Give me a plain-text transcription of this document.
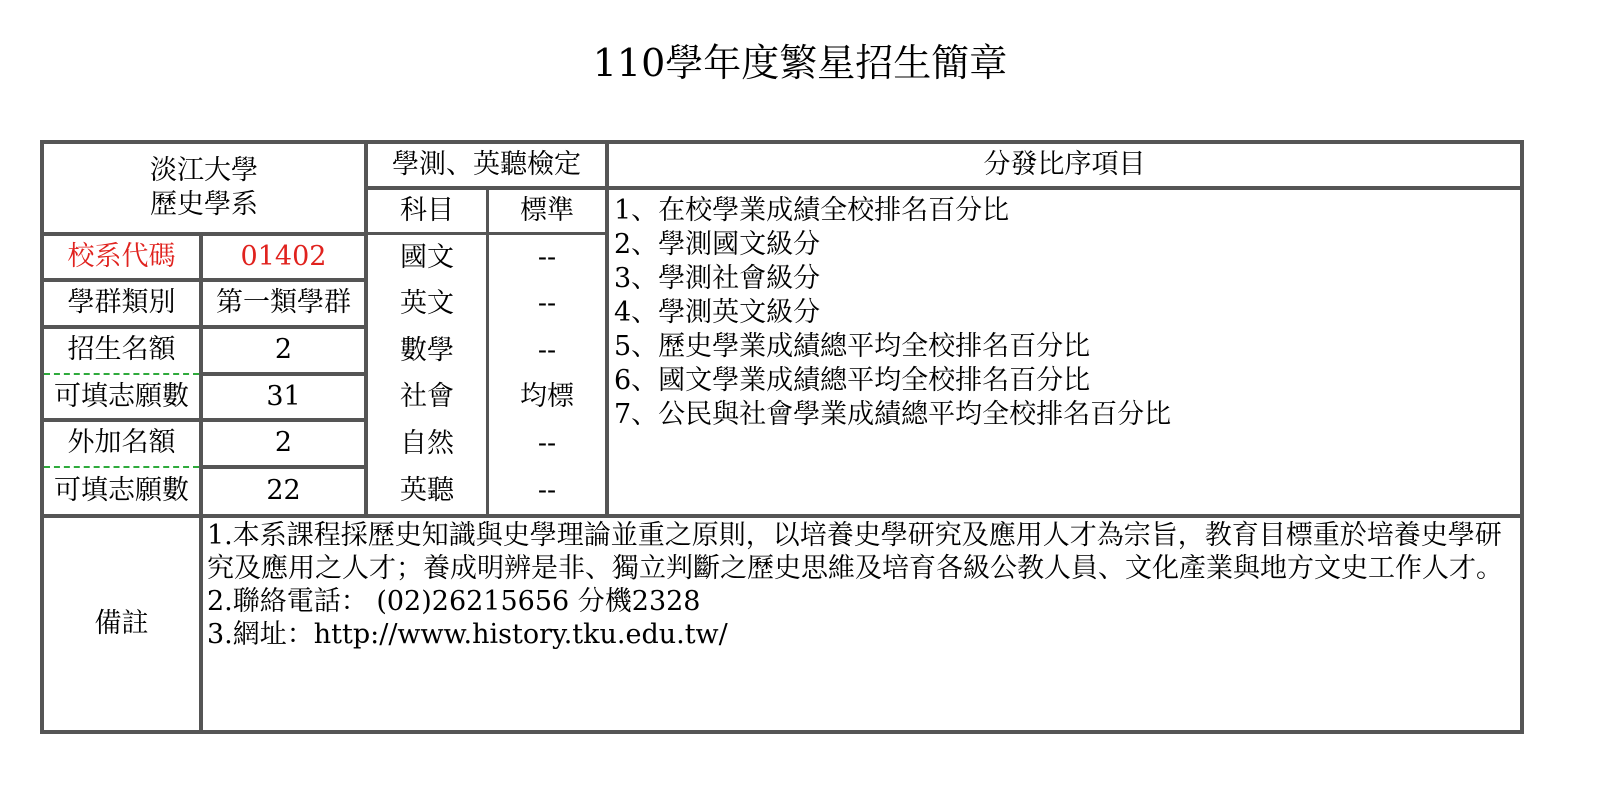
110學年度繁星招生簡章
淡江大學
歷史學系
校系代碼	01402
學群類別	第一類學群
招生名額	2
可填志願數	31
外加名額	2
可填志願數	22
學測、英聽檢定
科目	標準
國文	--
英文	--
數學	--
社會	均標
自然	--
英聽	--
分發比序項目
1、在校學業成績全校排名百分比
2、學測國文級分
3、學測社會級分
4、學測英文級分
5、歷史學業成績總平均全校排名百分比
6、國文學業成績總平均全校排名百分比
7、公民與社會學業成績總平均全校排名百分比
備註
1.本系課程採歷史知識與史學理論並重之原則，以培養史學研究及應用人才為宗旨，教育目標重於培養史學研究及應用之人才；養成明辨是非、獨立判斷之歷史思維及培育各級公教人員、文化產業與地方文史工作人才。
2.聯絡電話： (02)26215656 分機2328
3.網址：http://www.history.tku.edu.tw/
